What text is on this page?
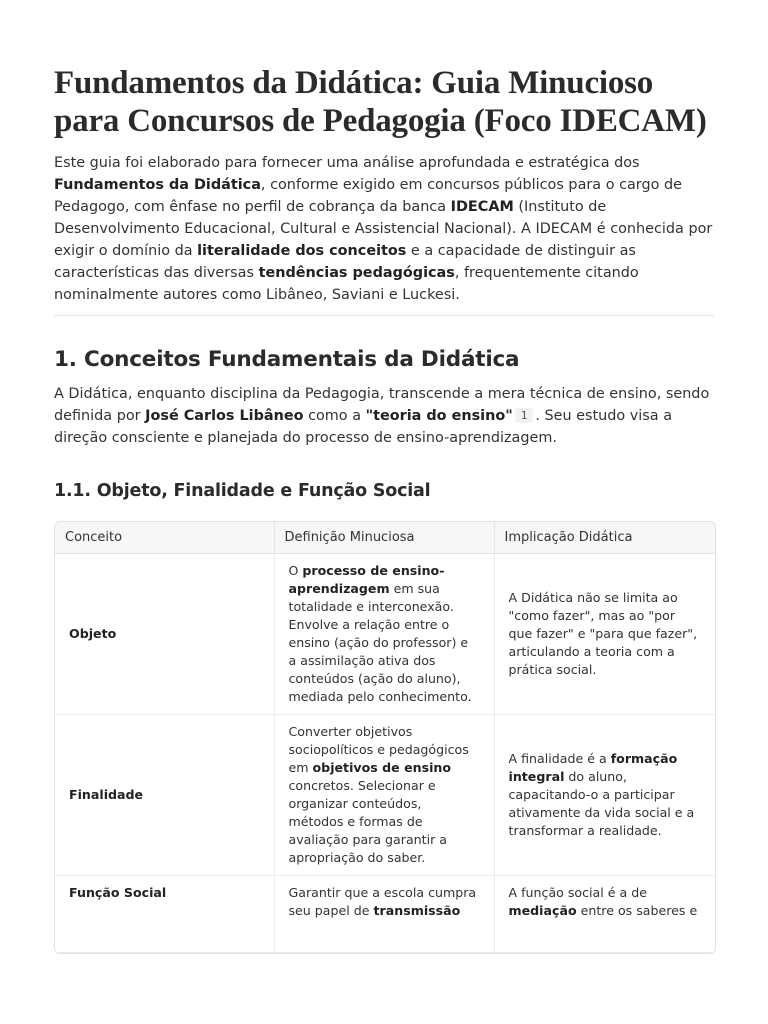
Fundamentos da Didática: Guia Minucioso para Concursos de Pedagogia (Foco IDECAM)

Este guia foi elaborado para fornecer uma análise aprofundada e estratégica dos Fundamentos da Didática, conforme exigido em concursos públicos para o cargo de Pedagogo, com ênfase no perfil de cobrança da banca IDECAM (Instituto de Desenvolvimento Educacional, Cultural e Assistencial Nacional). A IDECAM é conhecida por exigir o domínio da literalidade dos conceitos e a capacidade de distinguir as características das diversas tendências pedagógicas, frequentemente citando nominalmente autores como Libâneo, Saviani e Luckesi.

1. Conceitos Fundamentais da Didática

A Didática, enquanto disciplina da Pedagogia, transcende a mera técnica de ensino, sendo definida por José Carlos Libâneo como a "teoria do ensino" 1 . Seu estudo visa a direção consciente e planejada do processo de ensino-aprendizagem.

1.1. Objeto, Finalidade e Função Social
Conceito	Definição Minuciosa	Implicação Didática
Objeto	O processo de ensino-aprendizagem em sua totalidade e interconexão. Envolve a relação entre o ensino (ação do professor) e a assimilação ativa dos conteúdos (ação do aluno), mediada pelo conhecimento.	A Didática não se limita ao "como fazer", mas ao "por que fazer" e "para que fazer", articulando a teoria com a prática social.
Finalidade	Converter objetivos sociopolíticos e pedagógicos em objetivos de ensino concretos. Selecionar e organizar conteúdos, métodos e formas de avaliação para garantir a apropriação do saber.	A finalidade é a formação integral do aluno, capacitando-o a participar ativamente da vida social e a transformar a realidade.
Função Social	Garantir que a escola cumpra seu papel de transmissão	A função social é a de mediação entre os saberes e
